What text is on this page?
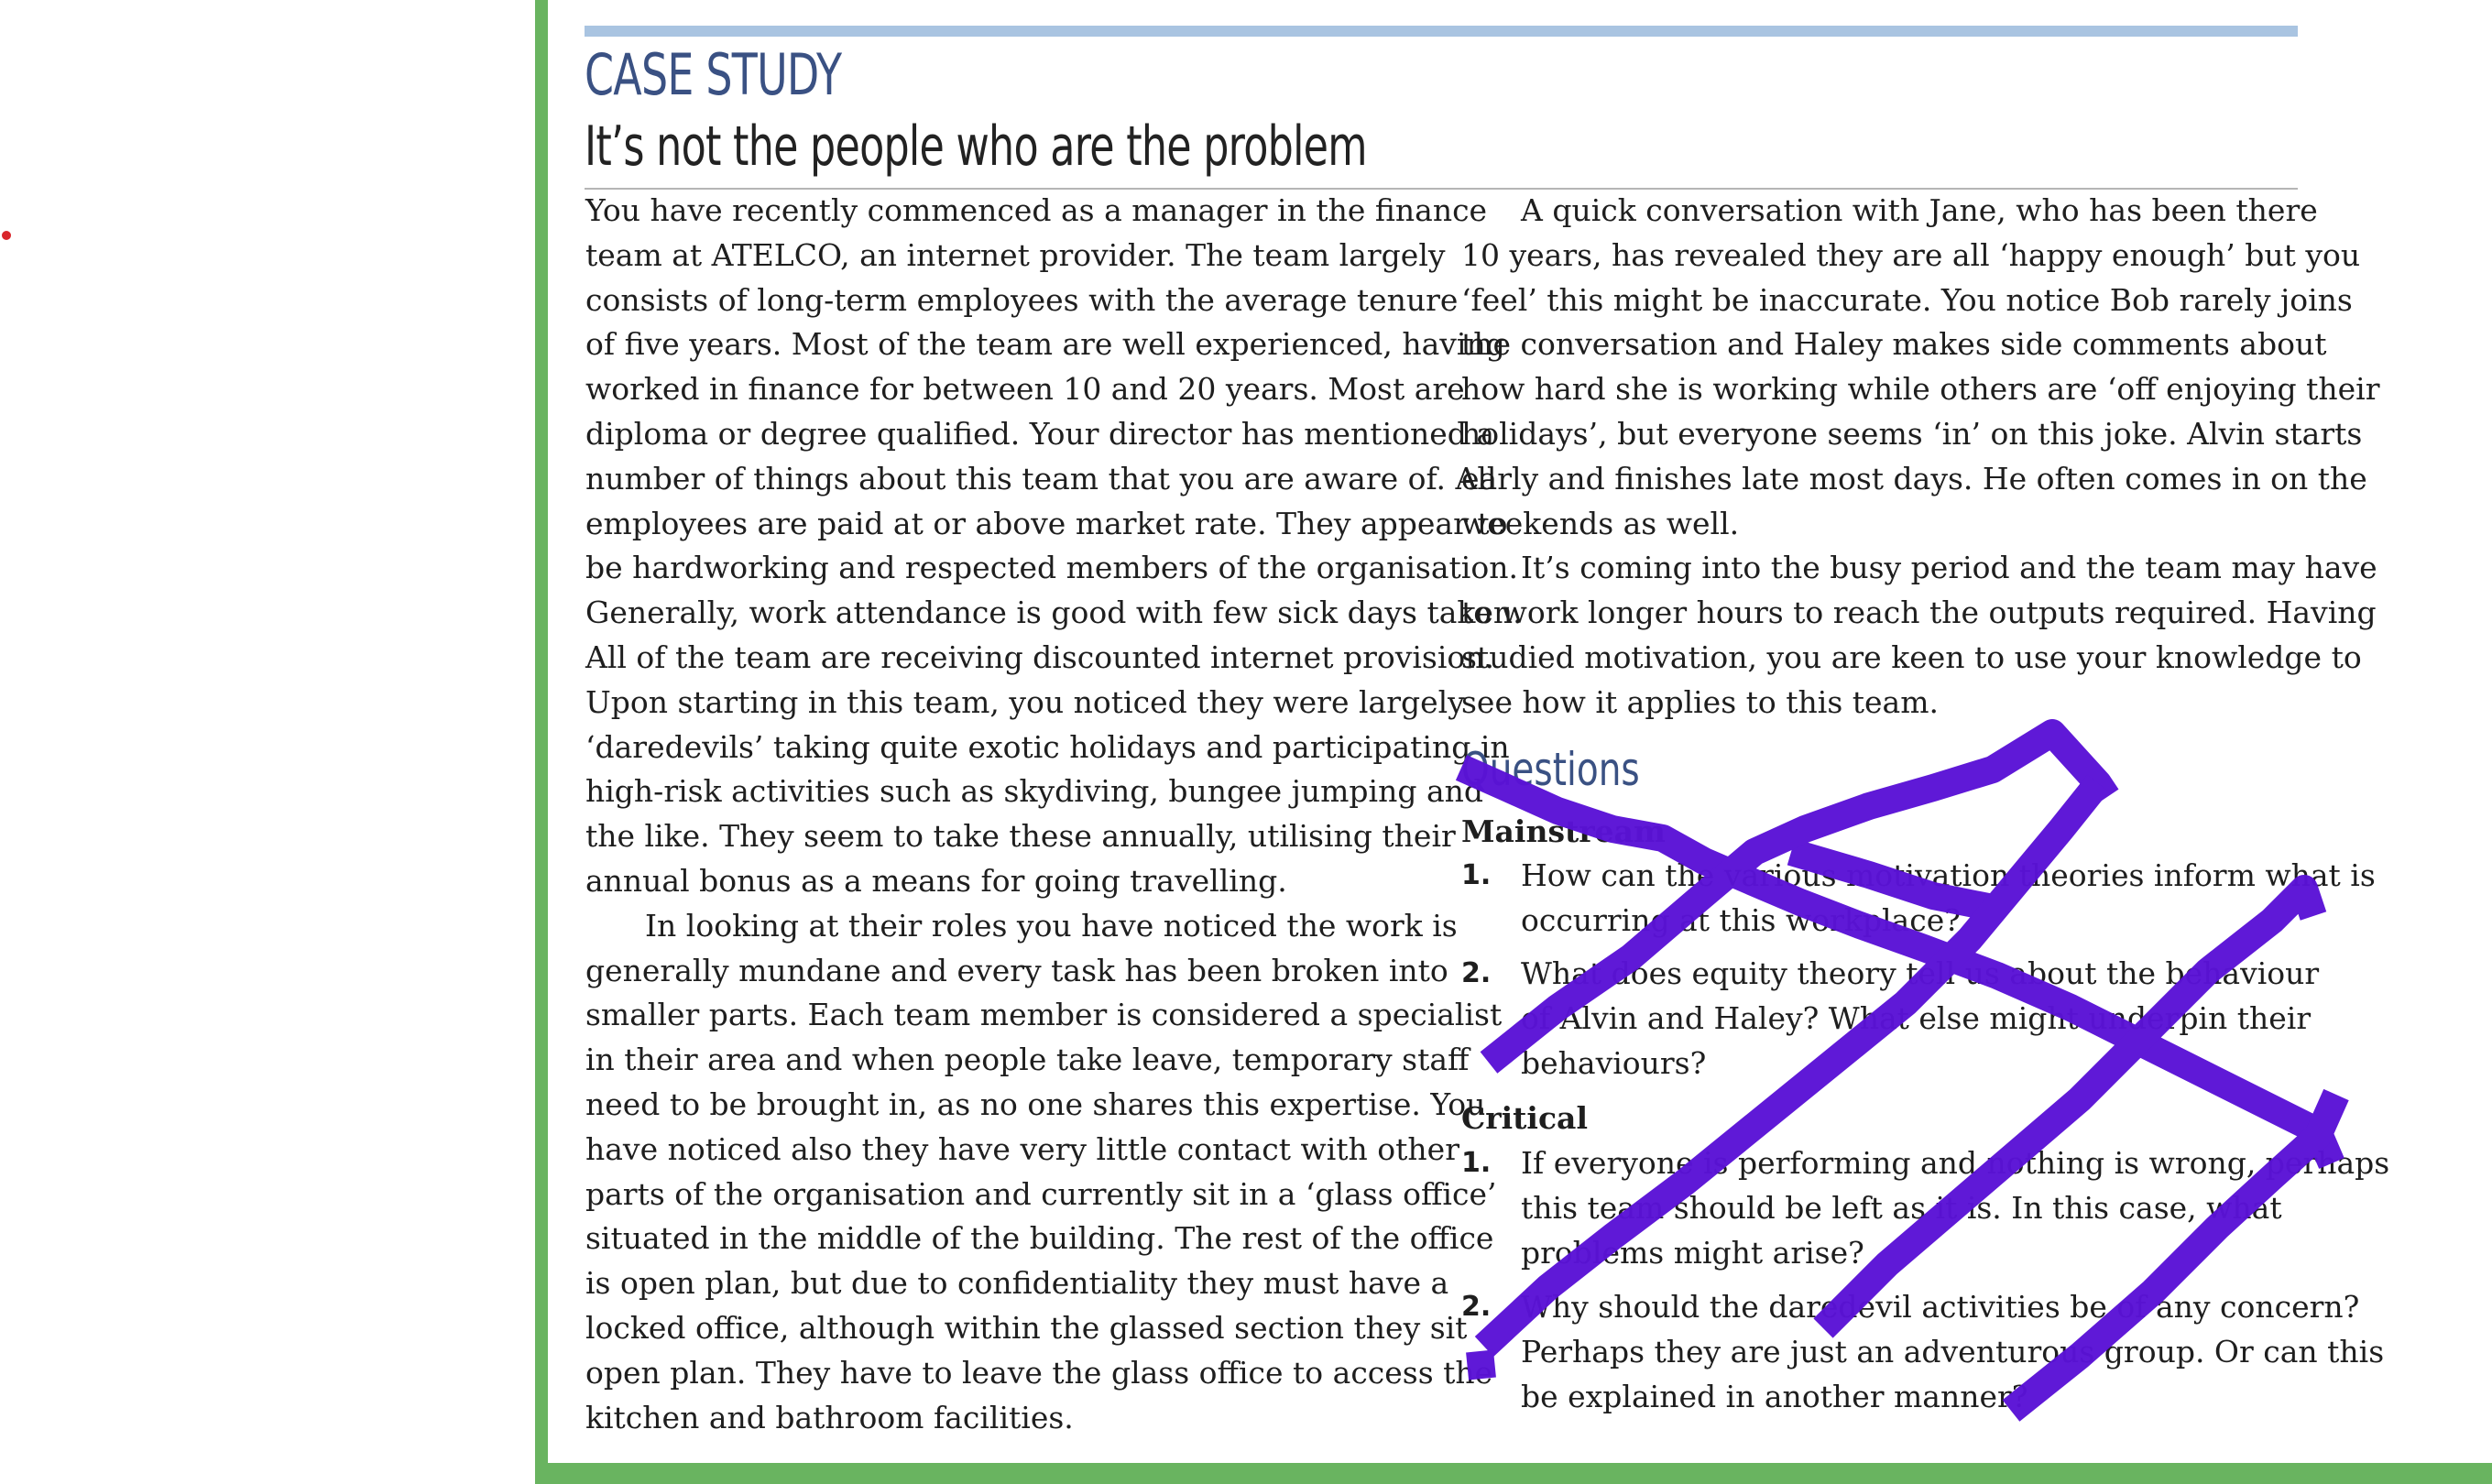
CASE STUDY
It’s not the people who are the problem
You have recently commenced as a manager in the finance
team at ATELCO, an internet provider. The team largely
consists of long-term employees with the average tenure
of five years. Most of the team are well experienced, having
worked in finance for between 10 and 20 years. Most are
diploma or degree qualified. Your director has mentioned a
number of things about this team that you are aware of. All
employees are paid at or above market rate. They appear to
be hardworking and respected members of the organisation.
Generally, work attendance is good with few sick days taken.
All of the team are receiving discounted internet provision.
Upon starting in this team, you noticed they were largely
‘daredevils’ taking quite exotic holidays and participating in
high-risk activities such as skydiving, bungee jumping and
the like. They seem to take these annually, utilising their
annual bonus as a means for going travelling.
In looking at their roles you have noticed the work is
generally mundane and every task has been broken into
smaller parts. Each team member is considered a specialist
in their area and when people take leave, temporary staff
need to be brought in, as no one shares this expertise. You
have noticed also they have very little contact with other
parts of the organisation and currently sit in a ‘glass office’
situated in the middle of the building. The rest of the office
is open plan, but due to confidentiality they must have a
locked office, although within the glassed section they sit
open plan. They have to leave the glass office to access the
kitchen and bathroom facilities.
A quick conversation with Jane, who has been there
10 years, has revealed they are all ‘happy enough’ but you
‘feel’ this might be inaccurate. You notice Bob rarely joins
the conversation and Haley makes side comments about
how hard she is working while others are ‘off enjoying their
holidays’, but everyone seems ‘in’ on this joke. Alvin starts
early and finishes late most days. He often comes in on the
weekends as well.
It’s coming into the busy period and the team may have
to work longer hours to reach the outputs required. Having
studied motivation, you are keen to use your knowledge to
see how it applies to this team.
Questions
Mainstream
1. How can the various motivation theories inform what is
occurring at this workplace?
2. What does equity theory tell us about the behaviour
of Alvin and Haley? What else might underpin their
behaviours?
Critical
1. If everyone is performing and nothing is wrong, perhaps
this team should be left as it is. In this case, what
problems might arise?
2. Why should the daredevil activities be of any concern?
Perhaps they are just an adventurous group. Or can this
be explained in another manner?
